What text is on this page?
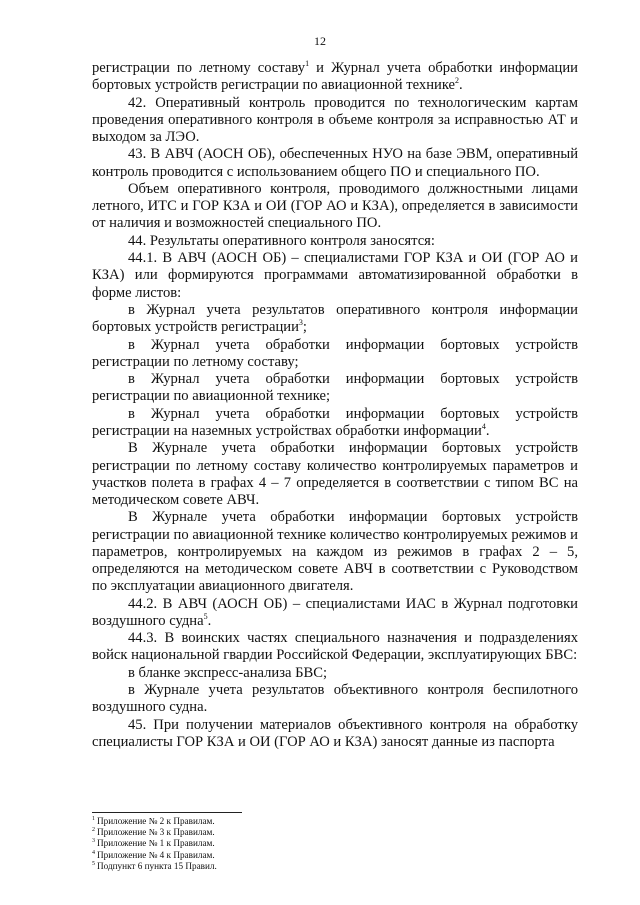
12

регистрации по летному составу$^1$ и Журнал учета обработки информации бортовых устройств регистрации по авиационной технике$^2$.

42. Оперативный контроль проводится по технологическим картам проведения оперативного контроля в объеме контроля за исправностью АТ и выходом за ЛЭО.

43. В АВЧ (АОСН ОБ), обеспеченных НУО на базе ЭВМ, оперативный контроль проводится с использованием общего ПО и специального ПО.

Объем оперативного контроля, проводимого должностными лицами летного, ИТС и ГОР КЗА и ОИ (ГОР АО и КЗА), определяется в зависимости от наличия и возможностей специального ПО.

44. Результаты оперативного контроля заносятся:

44.1. В АВЧ (АОСН ОБ) – специалистами ГОР КЗА и ОИ (ГОР АО и КЗА) или формируются программами автоматизированной обработки в форме листов:

в Журнал учета результатов оперативного контроля информации бортовых устройств регистрации$^3$;

в Журнал учета обработки информации бортовых устройств регистрации по летному составу;

в Журнал учета обработки информации бортовых устройств регистрации по авиационной технике;

в Журнал учета обработки информации бортовых устройств регистрации на наземных устройствах обработки информации$^4$.

В Журнале учета обработки информации бортовых устройств регистрации по летному составу количество контролируемых параметров и участков полета в графах 4 – 7 определяется в соответствии с типом ВС на методическом совете АВЧ.

В Журнале учета обработки информации бортовых устройств регистрации по авиационной технике количество контролируемых режимов и параметров, контролируемых на каждом из режимов в графах 2 – 5, определяются на методическом совете АВЧ в соответствии с Руководством по эксплуатации авиационного двигателя.

44.2. В АВЧ (АОСН ОБ) – специалистами ИАС в Журнал подготовки воздушного судна$^5$.

44.3. В воинских частях специального назначения и подразделениях войск национальной гвардии Российской Федерации, эксплуатирующих БВС:

в бланке экспресс-анализа БВС;

в Журнале учета результатов объективного контроля беспилотного воздушного судна.

45. При получении материалов объективного контроля на обработку специалисты ГОР КЗА и ОИ (ГОР АО и КЗА) заносят данные из паспорта

$^1$ Приложение № 2 к Правилам.

$^2$ Приложение № 3 к Правилам.

$^3$ Приложение № 1 к Правилам.

$^4$ Приложение № 4 к Правилам.

$^5$ Подпункт 6 пункта 15 Правил.
